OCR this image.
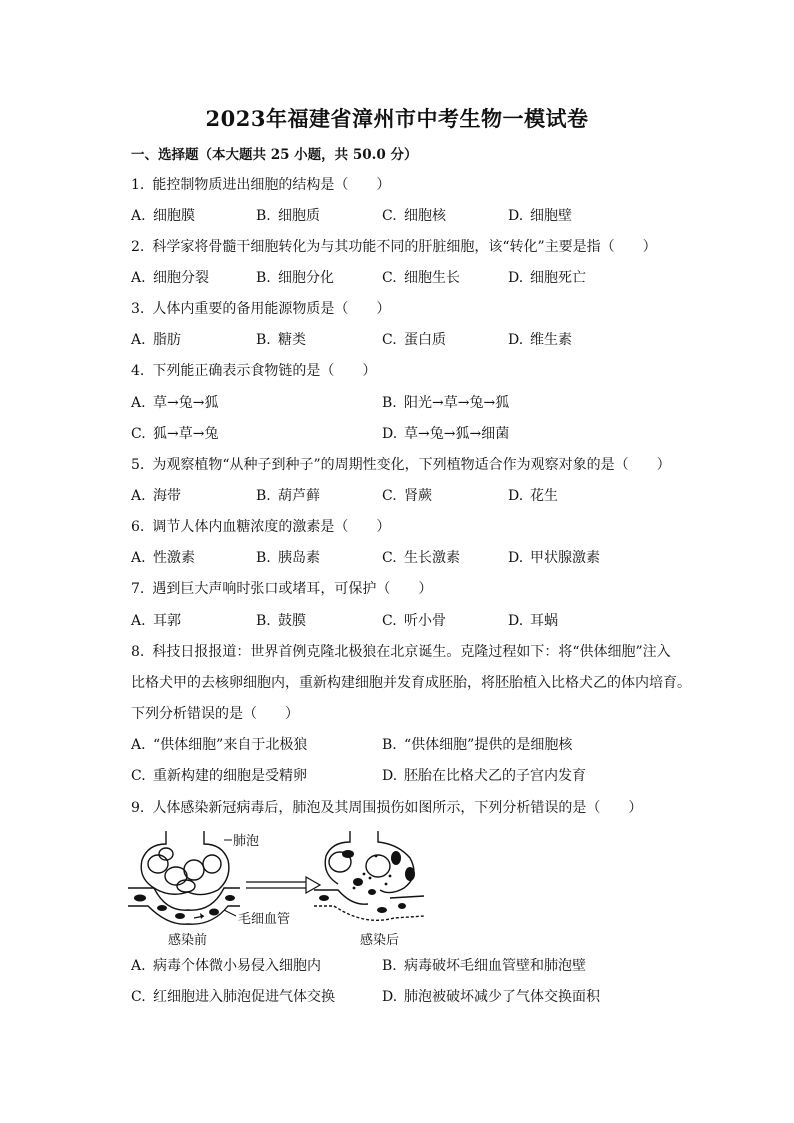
2023年福建省漳州市中考生物一模试卷
一、选择题（本大题共 25 小题，共 50.0 分）
1. 能控制物质进出细胞的结构是（　　）
A. 细胞膜	B. 细胞质	C. 细胞核	D. 细胞壁
2. 科学家将骨髓干细胞转化为与其功能不同的肝脏细胞，该“转化”主要是指（　　）
A. 细胞分裂	B. 细胞分化	C. 细胞生长	D. 细胞死亡
3. 人体内重要的备用能源物质是（　　）
A. 脂肪	B. 糖类	C. 蛋白质	D. 维生素
4. 下列能正确表示食物链的是（　　）
A. 草→兔→狐	B. 阳光→草→兔→狐
C. 狐→草→兔	D. 草→兔→狐→细菌
5. 为观察植物“从种子到种子”的周期性变化，下列植物适合作为观察对象的是（　　）
A. 海带	B. 葫芦藓	C. 肾蕨	D. 花生
6. 调节人体内血糖浓度的激素是（　　）
A. 性激素	B. 胰岛素	C. 生长激素	D. 甲状腺激素
7. 遇到巨大声响时张口或堵耳，可保护（　　）
A. 耳郭	B. 鼓膜	C. 听小骨	D. 耳蜗
8. 科技日报报道：世界首例克隆北极狼在北京诞生。克隆过程如下：将“供体细胞”注入
比格犬甲的去核卵细胞内，重新构建细胞并发育成胚胎，将胚胎植入比格犬乙的体内培育。
下列分析错误的是（　　）
A. “供体细胞”来自于北极狼	B. “供体细胞”提供的是细胞核
C. 重新构建的细胞是受精卵	D. 胚胎在比格犬乙的子宫内发育
9. 人体感染新冠病毒后，肺泡及其周围损伤如图所示，下列分析错误的是（　　）
肺泡
毛细血管
感染前	感染后
A. 病毒个体微小易侵入细胞内	B. 病毒破坏毛细血管壁和肺泡壁
C. 红细胞进入肺泡促进气体交换	D. 肺泡被破坏减少了气体交换面积
